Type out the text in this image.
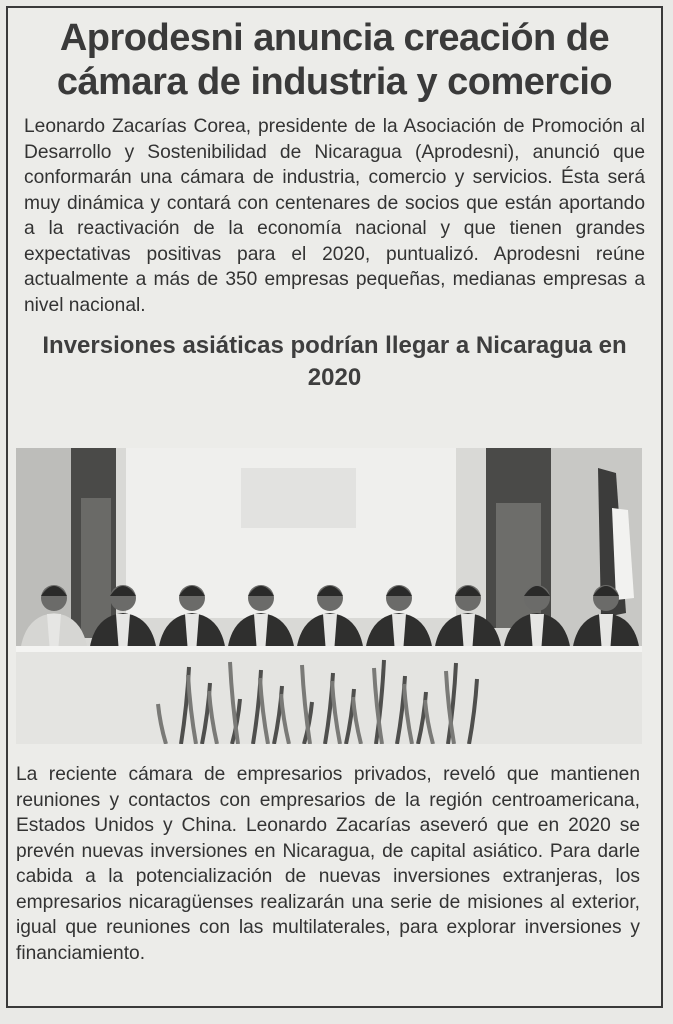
Aprodesni anuncia creación de cámara de industria y comercio
Leonardo Zacarías Corea, presidente de la Asociación de Promoción al Desarrollo y Sostenibilidad de Nicaragua (Aprodesni), anunció que conformarán una cámara de industria, comercio y servicios. Ésta será muy dinámica y contará con centenares de socios que están aportando a la reactivación de la economía nacional y que tienen grandes expectativas positivas para el 2020, puntualizó. Aprodesni reúne actualmente a más de 350 empresas pequeñas, medianas empresas a nivel nacional.
Inversiones asiáticas podrían llegar a Nicaragua en 2020
La reciente cámara de empresarios privados, reveló que mantienen reuniones y contactos con empresarios de la región centroamericana, Estados Unidos y China. Leonardo Zacarías aseveró que en 2020 se prevén nuevas inversiones en Nicaragua, de capital asiático. Para darle cabida a la potencialización de nuevas inversiones extranjeras, los empresarios nicaragüenses realizarán una serie de misiones al exterior, igual que reuniones con las multilaterales, para explorar inversiones y financiamiento.
